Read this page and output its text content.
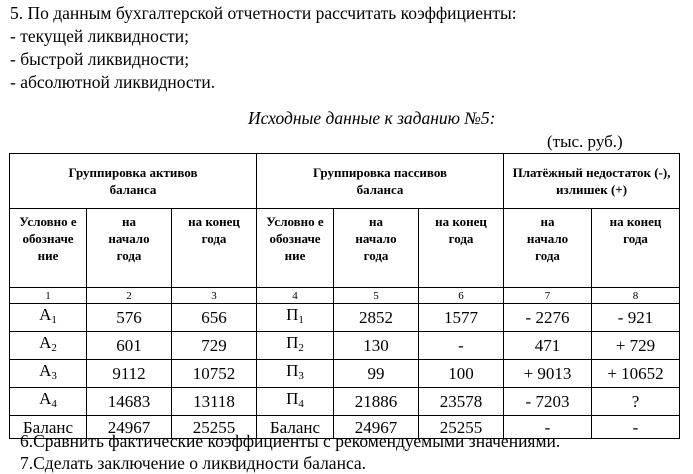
5. По данным бухгалтерской отчетности рассчитать коэффициенты:
- текущей ликвидности;
- быстрой ликвидности;
- абсолютной ликвидности.
Исходные данные к заданию №5:
(тыс. руб.)
Группировка активов баланса			Группировка пассивов баланса			Платёжный недостаток (-), излишек (+)	

Условно е обозначе ние	на начало года	на конец года	Условно е обозначе ние	на начало года	на конец года	на начало года	на конец года

1	2	3	4	5	6	7	8
$А_1$	576	656	$П_1$	2852	1577	- 2276	- 921
$А_2$	601	729	$П_2$	130	-	471	+ 729
$А_3$	9112	10752	$П_3$	99	100	+ 9013	+ 10652
$А_4$	14683	13118	$П_4$	21886	23578	- 7203	?
Баланс	24967	25255	Баланс	24967	25255	-	-
6.Сравнить фактические коэффициенты с рекомендуемыми значениями.
7.Сделать заключение о ликвидности баланса.
